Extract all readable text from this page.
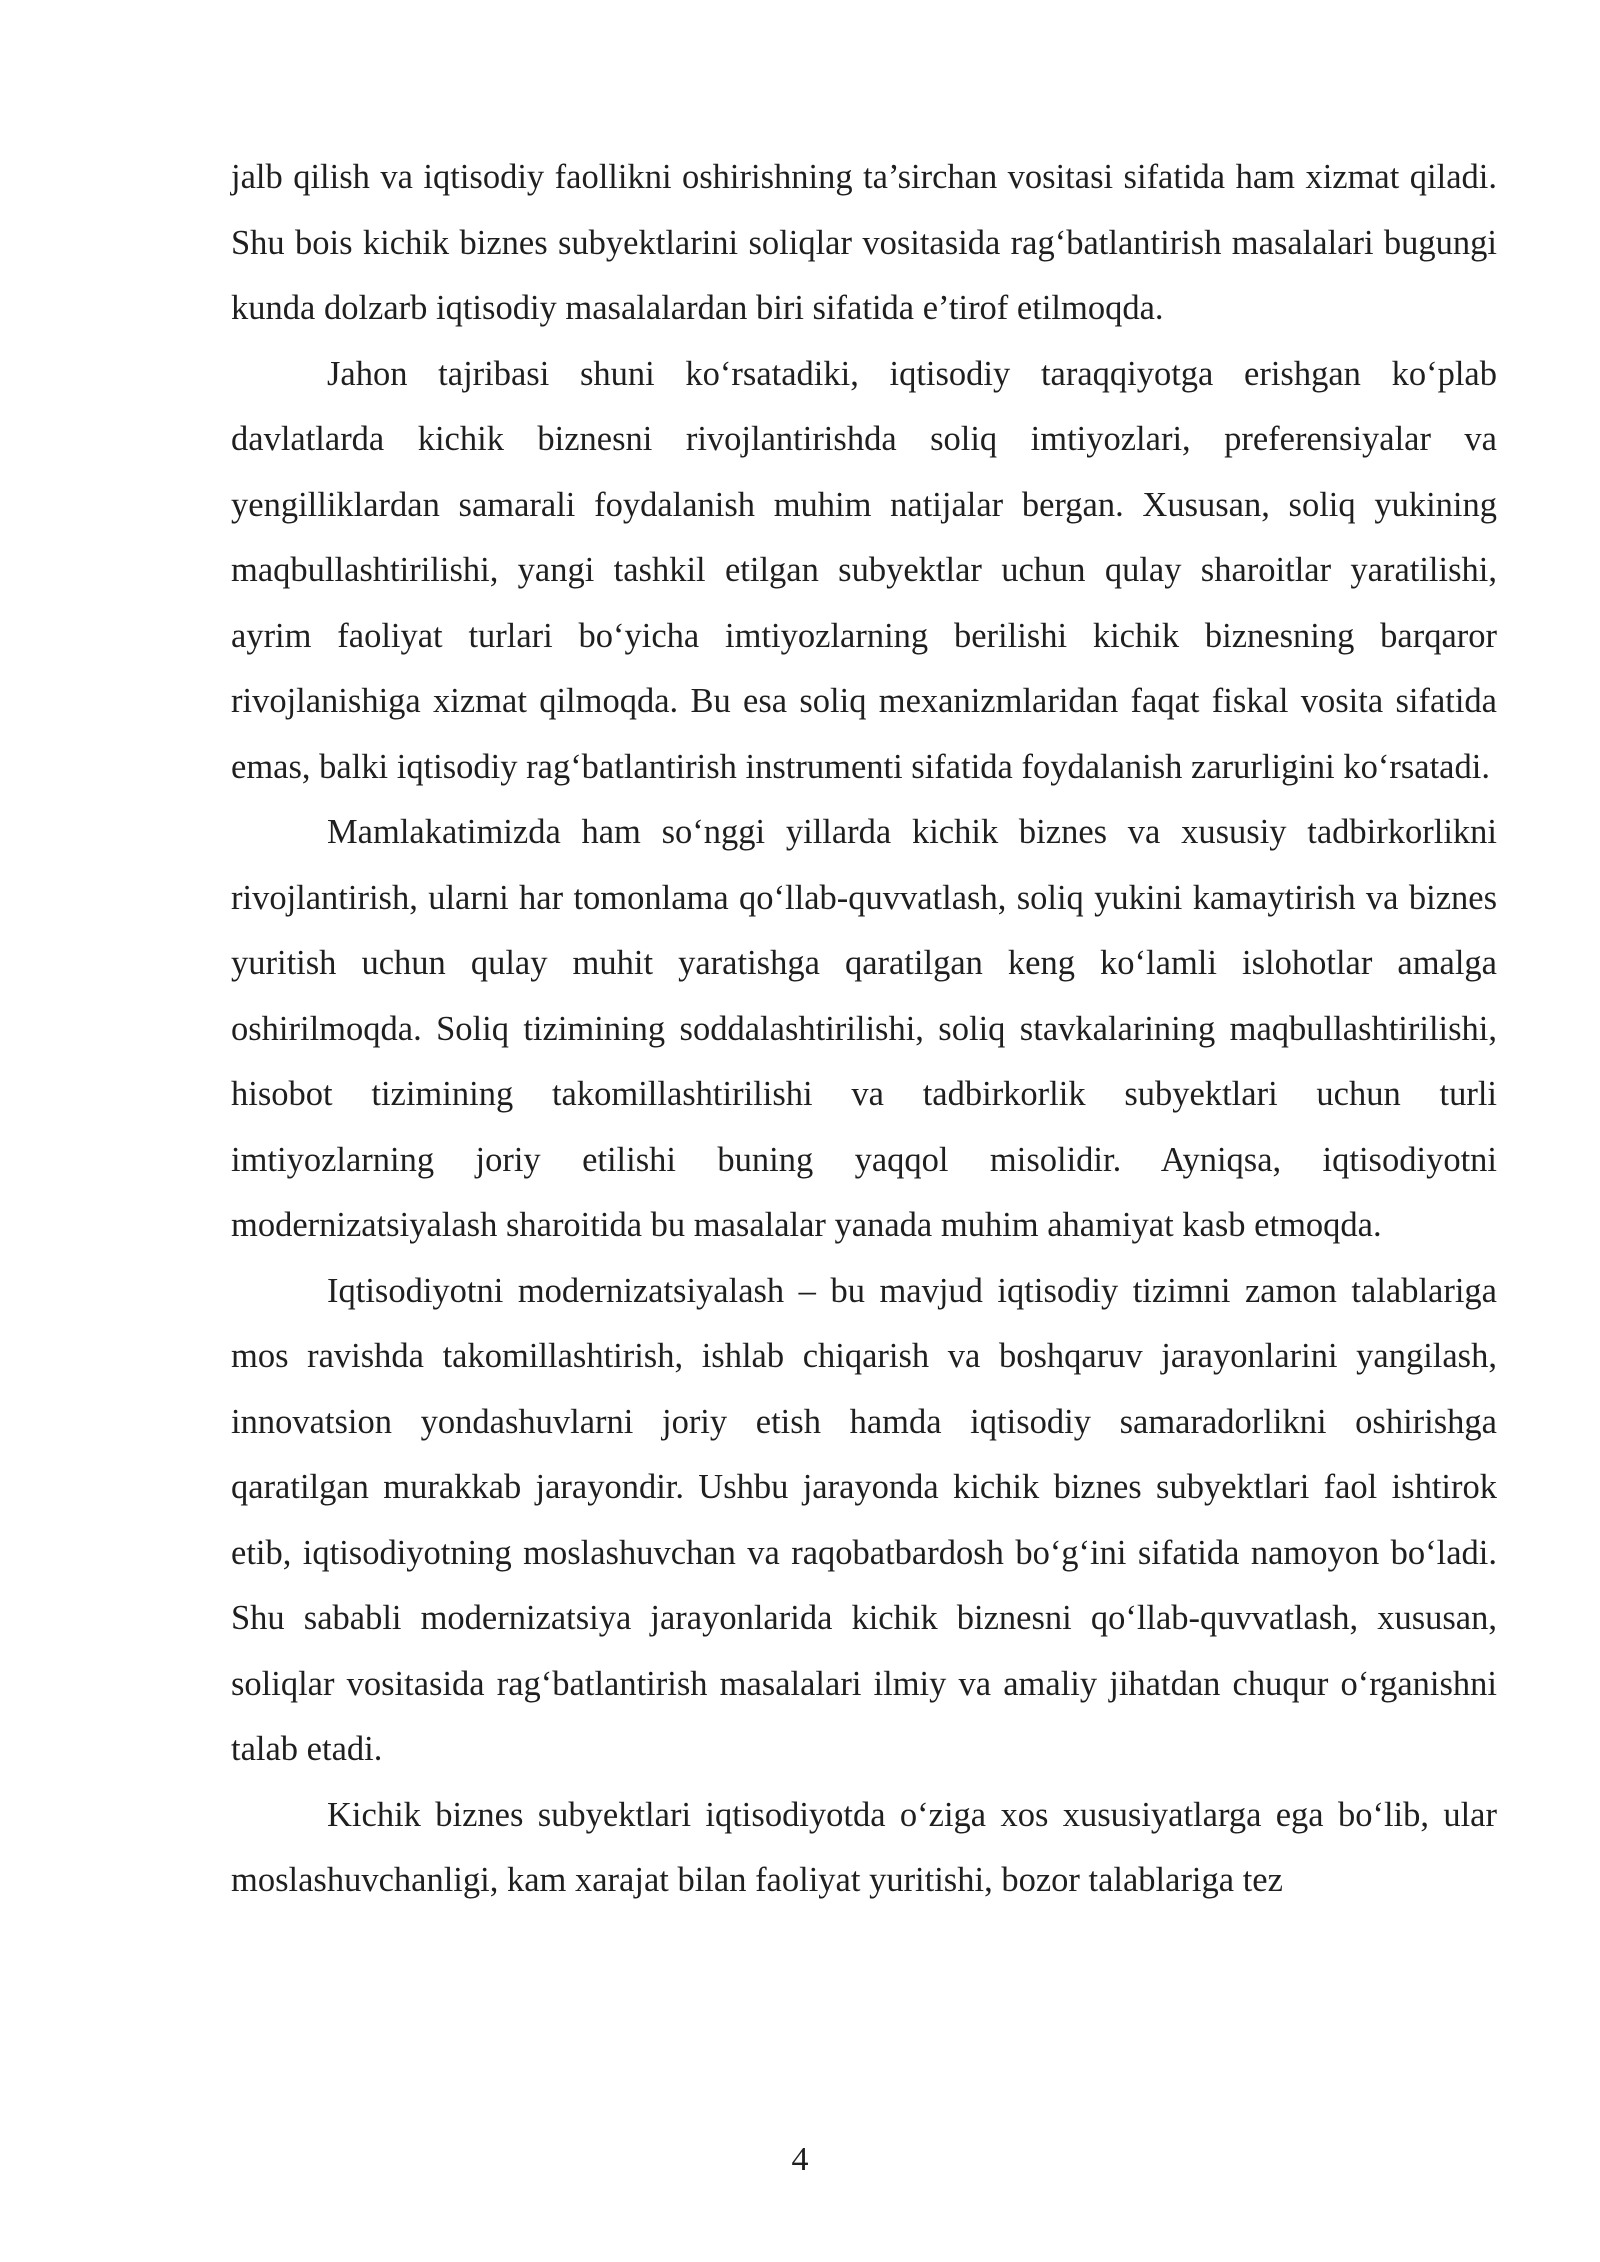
jalb qilish va iqtisodiy faollikni oshirishning ta’sirchan vositasi sifatida ham xizmat qiladi. Shu bois kichik biznes subyektlarini soliqlar vositasida rag‘batlantirish masalalari bugungi kunda dolzarb iqtisodiy masalalardan biri sifatida e’tirof etilmoqda.

Jahon tajribasi shuni ko‘rsatadiki, iqtisodiy taraqqiyotga erishgan ko‘plab davlatlarda kichik biznesni rivojlantirishda soliq imtiyozlari, preferensiyalar va yengilliklardan samarali foydalanish muhim natijalar bergan. Xususan, soliq yukining maqbullashtirilishi, yangi tashkil etilgan subyektlar uchun qulay sharoitlar yaratilishi, ayrim faoliyat turlari bo‘yicha imtiyozlarning berilishi kichik biznesning barqaror rivojlanishiga xizmat qilmoqda. Bu esa soliq mexanizmlaridan faqat fiskal vosita sifatida emas, balki iqtisodiy rag‘batlantirish instrumenti sifatida foydalanish zarurligini ko‘rsatadi.

Mamlakatimizda ham so‘nggi yillarda kichik biznes va xususiy tadbirkorlikni rivojlantirish, ularni har tomonlama qo‘llab-quvvatlash, soliq yukini kamaytirish va biznes yuritish uchun qulay muhit yaratishga qaratilgan keng ko‘lamli islohotlar amalga oshirilmoqda. Soliq tizimining soddalashtirilishi, soliq stavkalarining maqbullashtirilishi, hisobot tizimining takomillashtirilishi va tadbirkorlik subyektlari uchun turli imtiyozlarning joriy etilishi buning yaqqol misolidir. Ayniqsa, iqtisodiyotni modernizatsiyalash sharoitida bu masalalar yanada muhim ahamiyat kasb etmoqda.

Iqtisodiyotni modernizatsiyalash – bu mavjud iqtisodiy tizimni zamon talablariga mos ravishda takomillashtirish, ishlab chiqarish va boshqaruv jarayonlarini yangilash, innovatsion yondashuvlarni joriy etish hamda iqtisodiy samaradorlikni oshirishga qaratilgan murakkab jarayondir. Ushbu jarayonda kichik biznes subyektlari faol ishtirok etib, iqtisodiyotning moslashuvchan va raqobatbardosh bo‘g‘ini sifatida namoyon bo‘ladi. Shu sababli modernizatsiya jarayonlarida kichik biznesni qo‘llab-quvvatlash, xususan, soliqlar vositasida rag‘batlantirish masalalari ilmiy va amaliy jihatdan chuqur o‘rganishni talab etadi.

Kichik biznes subyektlari iqtisodiyotda o‘ziga xos xususiyatlarga ega bo‘lib, ular moslashuvchanligi, kam xarajat bilan faoliyat yuritishi, bozor talablariga tez

4
